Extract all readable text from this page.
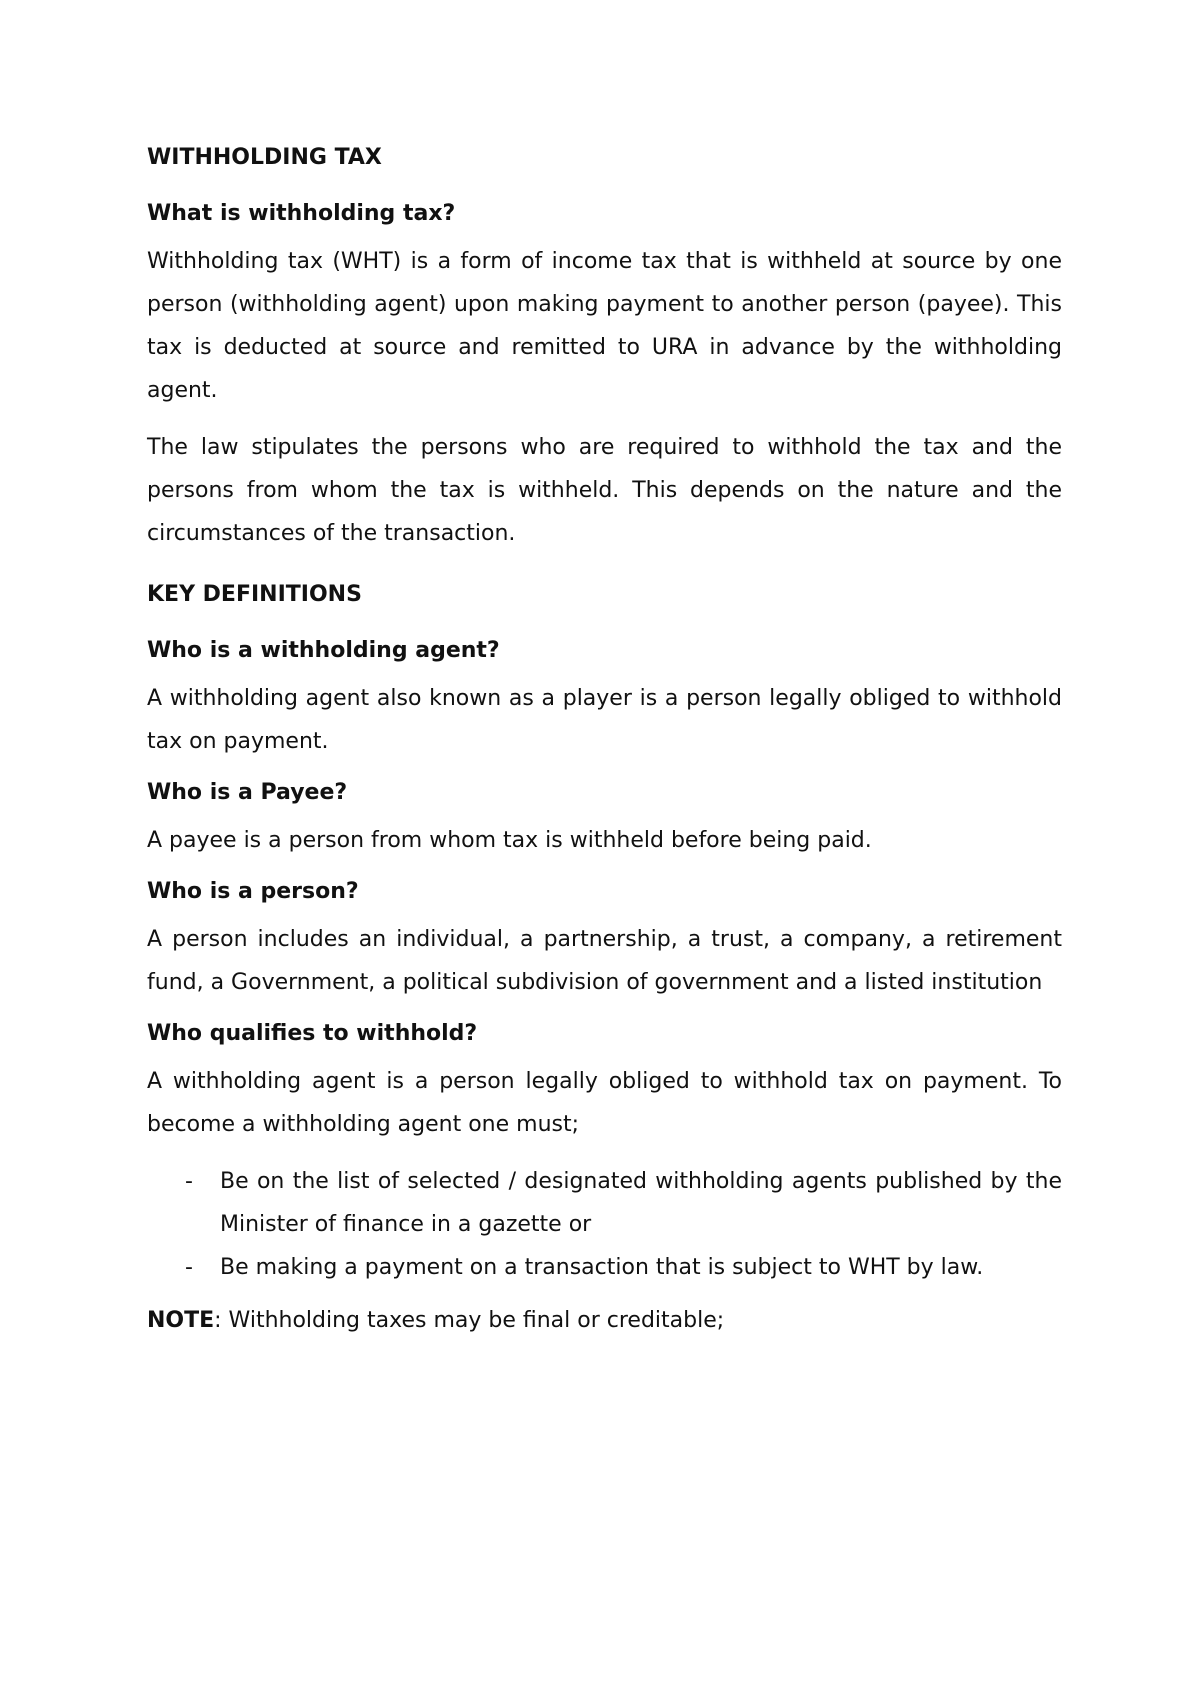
WITHHOLDING TAX
What is withholding tax?

Withholding tax (WHT) is a form of income tax that is withheld at source by one person (withholding agent) upon making payment to another person (payee). This tax is deducted at source and remitted to URA in advance by the withholding agent.

The law stipulates the persons who are required to withhold the tax and the persons from whom the tax is withheld. This depends on the nature and the circumstances of the transaction.

KEY DEFINITIONS
Who is a withholding agent?

A withholding agent also known as a player is a person legally obliged to withhold tax on payment.

Who is a Payee?

A payee is a person from whom tax is withheld before being paid.

Who is a person?

A person includes an individual, a partnership, a trust, a company, a retirement fund, a Government, a political subdivision of government and a listed institution

Who qualifies to withhold?

A withholding agent is a person legally obliged to withhold tax on payment. To become a withholding agent one must;

- Be on the list of selected / designated withholding agents published by the Minister of finance in a gazette or
- Be making a payment on a transaction that is subject to WHT by law.

NOTE: Withholding taxes may be final or creditable;
